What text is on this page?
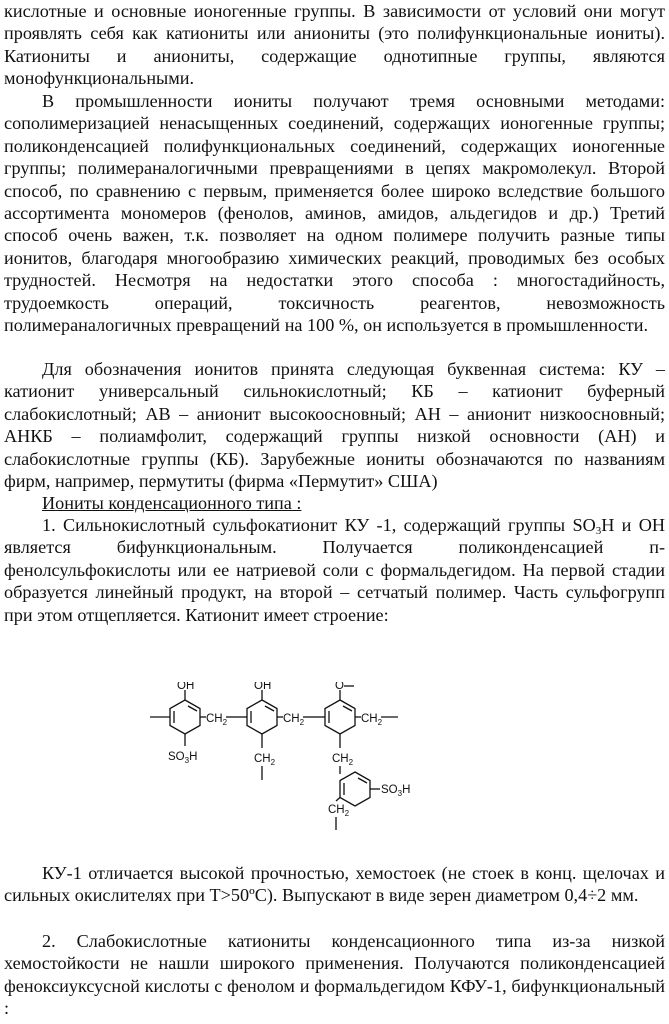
кислотные и основные ионогенные группы. В зависимости от условий они могут проявлять себя как катиониты или аниониты (это полифункциональные иониты). Катиониты и аниониты, содержащие однотипные группы, являются монофункциональными.

В промышленности иониты получают тремя основными методами: сополимеризацией ненасыщенных соединений, содержащих ионогенные группы; поликонденсацией полифункциональных соединений, содержащих ионогенные группы; полимераналогичными превращениями в цепях макромолекул. Второй способ, по сравнению с первым, применяется более широко вследствие большого ассортимента мономеров (фенолов, аминов, амидов, альдегидов и др.) Третий способ очень важен, т.к. позволяет на одном полимере получить разные типы ионитов, благодаря многообразию химических реакций, проводимых без особых трудностей. Несмотря на недостатки этого способа : многостадийность, трудоемкость операций, токсичность реагентов, невозможность полимераналогичных превращений на 100 %, он используется в промышленности.

Для обозначения ионитов принята следующая буквенная система: КУ – катионит универсальный сильнокислотный; КБ – катионит буферный слабокислотный; АВ – анионит высокоосновный; АН – анионит низкоосновный; АНКБ – полиамфолит, содержащий группы низкой основности (АН) и слабокислотные группы (КБ). Зарубежные иониты обозначаются по названиям фирм, например, пермутиты (фирма «Пермутит» США)

Иониты конденсационного типа :

1. Сильнокислотный сульфокатионит КУ -1, содержащий группы $SO_3H$ и ОН является бифункциональным. Получается поликонденсацией п-фенолсульфокислоты или ее натриевой соли с формальдегидом. На первой стадии образуется линейный продукт, на второй – сетчатый полимер. Часть сульфогрупп при этом отщепляется. Катионит имеет строение:

OH
$SO_3H$
$CH_2$
OH
$CH_2$
$CH_2$
O
$CH_2$
$CH_2$
$SO_3H$
$CH_2$

КУ-1 отличается высокой прочностью, хемостоек (не стоек в конц. щелочах и сильных окислителях при Т>50ºС). Выпускают в виде зерен диаметром 0,4÷2 мм.

2. Слабокислотные катиониты конденсационного типа из-за низкой хемостойкости не нашли широкого применения. Получаются поликонденсацией феноксиуксусной кислоты с фенолом и формальдегидом КФУ-1, бифункциональный :
